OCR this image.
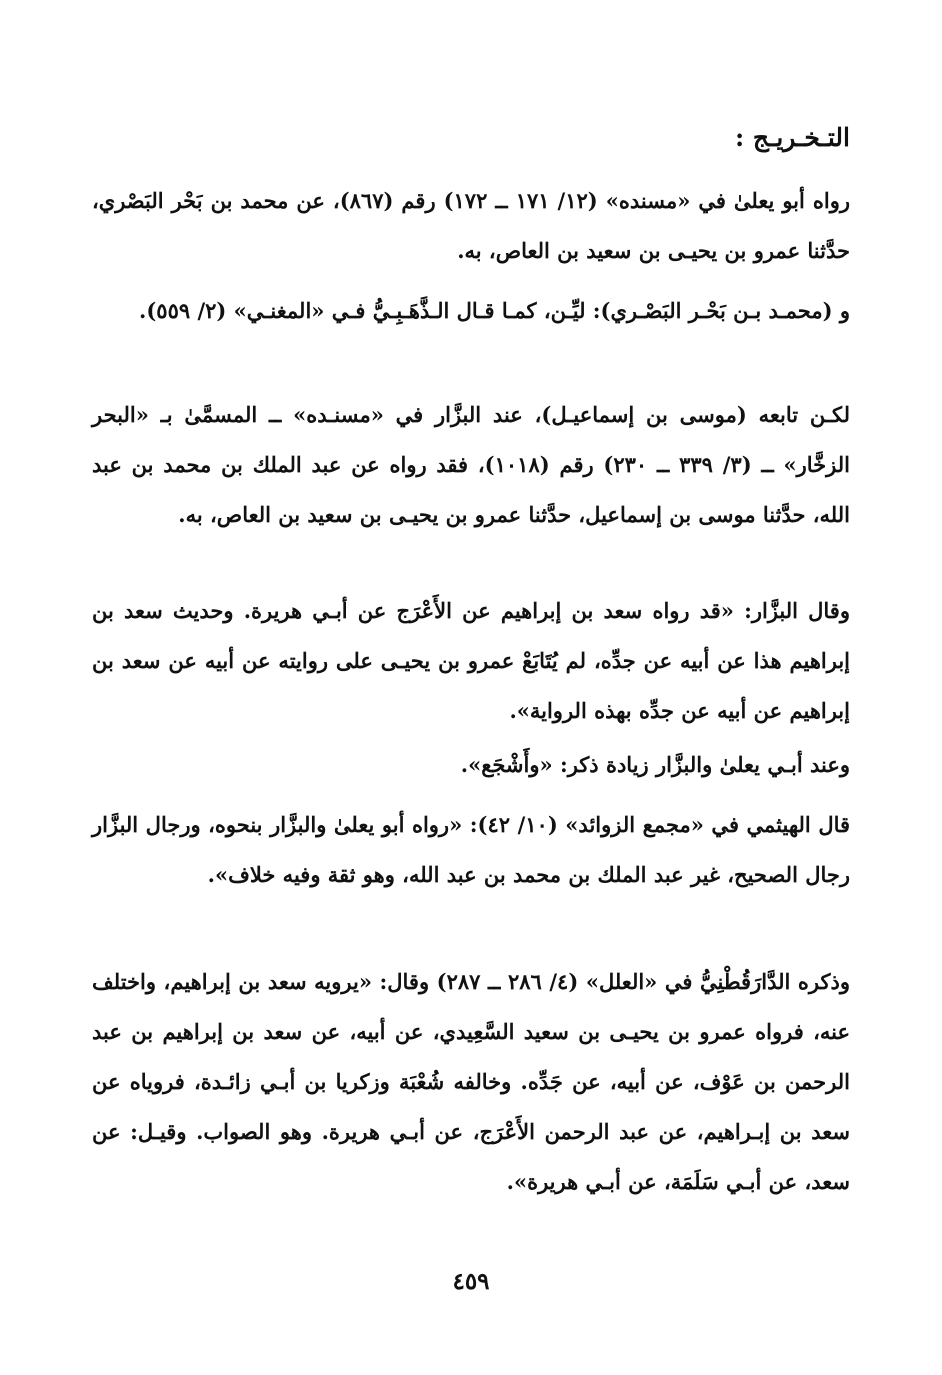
التـخـريـج :

رواه أبو يعلىٰ في «مسنده» (١٢/ ١٧١ ــ ١٧٢) رقم (٨٦٧)، عن محمد بن بَحْر البَصْري، حدَّثنا عمرو بن يحيـى بن سعيد بن العاص، به.

و (محمـد بـن بَحْـر البَصْـري): ليِّـن، كمـا قـال الـذَّهَـبِـيُّ فـي «المغنـي» (٢/ ٥٥٩).

لكـن تابعه (موسى بن إسماعيـل)، عند البزَّار في «مسنـده» ــ المسمَّىٰ بـ «البحر الزخَّار» ــ (٣/ ٣٣٩ ــ ٢٣٠) رقم (١٠١٨)، فقد رواه عن عبد الملك بن محمد بن عبد الله، حدَّثنا موسى بن إسماعيل، حدَّثنا عمرو بن يحيـى بن سعيد بن العاص، به.

وقال البزَّار: «قد رواه سعد بن إبراهيم عن الأَعْرَج عن أبـي هريرة. وحديث سعد بن إبراهيم هذا عن أبيه عن جدِّه، لم يُتَابَعْ عمرو بن يحيـى على روايته عن أبيه عن سعد بن إبراهيم عن أبيه عن جدِّه بهذه الرواية».

وعند أبـي يعلىٰ والبزَّار زيادة ذكر: «وأَشْجَع».

قال الهيثمي في «مجمع الزوائد» (١٠/ ٤٢): «رواه أبو يعلىٰ والبزَّار بنحوه، ورجال البزَّار رجال الصحيح، غير عبد الملك بن محمد بن عبد الله، وهو ثقة وفيه خلاف».

وذكره الدَّارَقُطْنِيُّ في «العلل» (٤/ ٢٨٦ ــ ٢٨٧) وقال: «يرويه سعد بن إبراهيم، واختلف عنه، فرواه عمرو بن يحيـى بن سعيد السَّعِيدي، عن أبيه، عن سعد بن إبراهيم بن عبد الرحمن بن عَوْف، عن أبيه، عن جَدِّه. وخالفه شُعْبَة وزكريا بن أبـي زائـدة، فروياه عن سعد بن إبـراهيم، عن عبد الرحمن الأَعْرَج، عن أبـي هريرة. وهو الصواب. وقيـل: عن سعد، عن أبـي سَلَمَة، عن أبـي هريرة».

٤٥٩
